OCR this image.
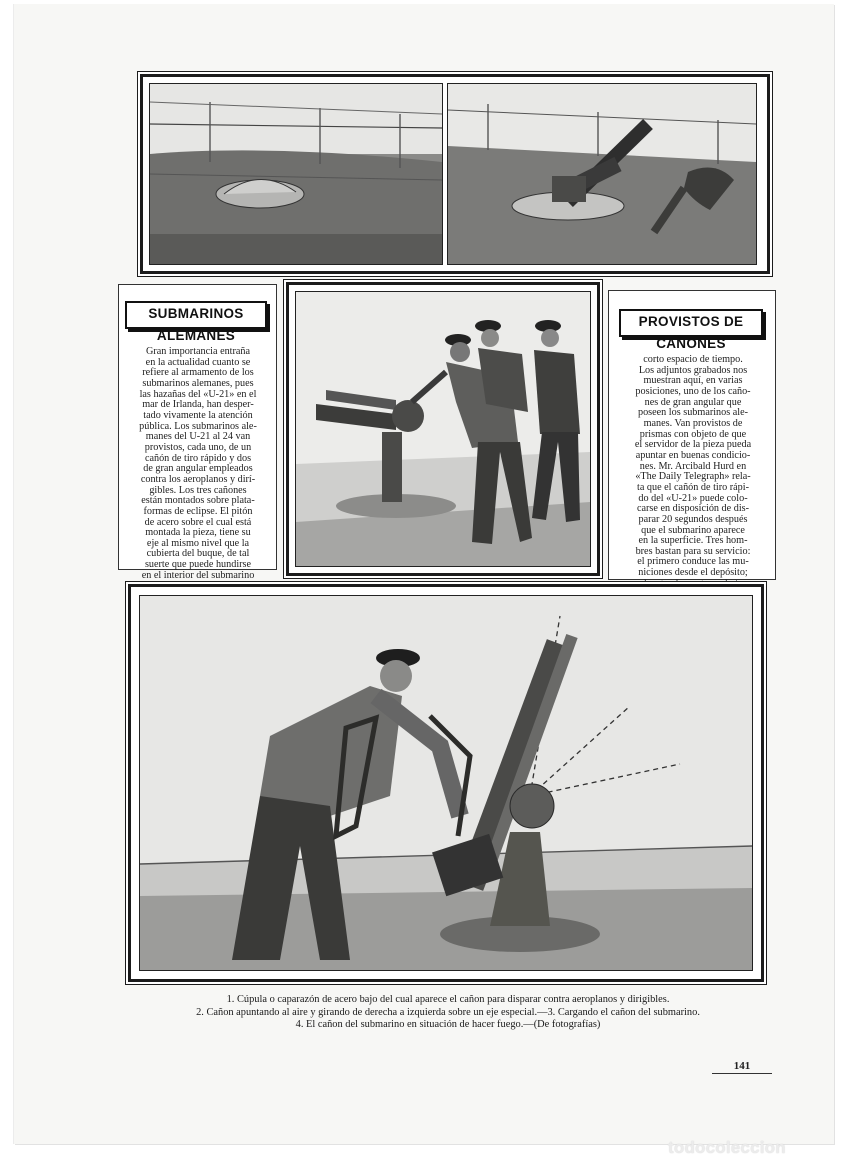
SUBMARINOS ALEMANES
Gran importancia entraña
en la actualidad cuanto se
refiere al armamento de los
submarinos alemanes, pues
las hazañas del «U-21» en el
mar de Irlanda, han desper-
tado vivamente la atención
pública. Los submarinos ale-
manes del U-21 al 24 van
provistos, cada uno, de un
cañón de tiro rápido y dos
de gran angular empleados
contra los aeroplanos y dirí-
gibles. Los tres cañones
están montados sobre plata-
formas de eclipse. El pitón
de acero sobre el cual está
montada la pieza, tiene su
eje al mismo nivel que la
cubierta del buque, de tal
suerte que puede hundirse
en el interior del submarino
PROVISTOS DE CAÑONES
corto espacio de tiempo.
Los adjuntos grabados nos
muestran aquí, en varias
posiciones, uno de los caño-
nes de gran angular que
poseen los submarinos ale-
manes. Van provistos de
prismas con objeto de que
el servidor de la pieza pueda
apuntar en buenas condicio-
nes. Mr. Arcibald Hurd en
«The Daily Telegraph» rela-
ta que el cañón de tiro rápi-
do del «U-21» puede colo-
carse en disposición de dis-
parar 20 segundos después
que el submarino aparece
en la superficie. Tres hom-
bres bastan para su servicio:
el primero conduce las mu-
niciones desde el depósito;
1. Cúpula o caparazón de acero bajo del cual aparece el cañon para disparar contra aeroplanos y dirigibles.
2. Cañon apuntando al aire y girando de derecha a izquierda sobre un eje especial.—3. Cargando el cañon del submarino.
4. El cañon del submarino en situación de hacer fuego.—(De fotografías)
141
todocoleccion
